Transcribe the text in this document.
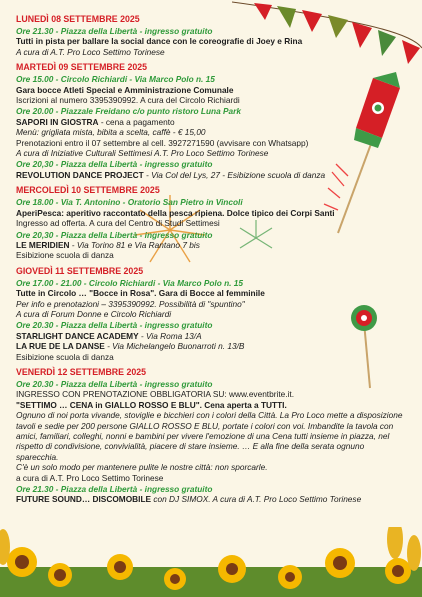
LUNEDÌ 08 SETTEMBRE 2025
Ore 21.30 - Piazza della Libertà - ingresso gratuito
Tutti in pista per ballare la social dance con le coreografie di Joey e Rina
A cura di A.T. Pro Loco Settimo Torinese
MARTEDÌ 09 SETTEMBRE 2025
Ore 15.00 - Circolo Richiardi - Via Marco Polo n. 15
Gara bocce Atleti Special e Amministrazione Comunale
Iscrizioni al numero 3395390992. A cura del Circolo Richiardi
Ore 20.00 - Piazzale Freidano c/o punto ristoro Luna Park
SAPORI IN GIOSTRA - cena a pagamento
Menù: grigliata mista, bibita a scelta, caffè - € 15,00
Prenotazioni entro il 07 settembre al cell. 3927271590 (avvisare con Whatsapp)
A cura di Iniziative Culturali Settimesi A.T. Pro Loco Settimo Torinese
Ore 20,30 - Piazza della Libertà - ingresso gratuito
REVOLUTION DANCE PROJECT - Via Col del Lys, 27 - Esibizione scuola di danza
MERCOLEDÌ 10 SETTEMBRE 2025
Ore 18.00 - Via T. Antonino - Oratorio San Pietro in Vincoli
AperiPesca: aperitivo raccontato della pesca ripiena. Dolce tipico dei Corpi Santi
Ingresso ad offerta. A cura del Centro di Studi Settimesi
Ore 20,30 - Piazza della Libertà - ingresso gratuito
LE MERIDIEN - Via Torino 81 e Via Rantano 7 bis
Esibizione scuola di danza
GIOVEDÌ 11 SETTEMBRE 2025
Ore 17.00 - 21.00 - Circolo Richiardi - Via Marco Polo n. 15
Tutte in Circolo … "Bocce in Rosa". Gara di Bocce al femminile
Per info e prenotazioni – 3395390992. Possibilità di "spuntino"
A cura di Forum Donne e Circolo Richiardi
Ore 20.30 - Piazza della Libertà - ingresso gratuito
STARLIGHT DANCE ACADEMY - Via Roma 13/A
LA RUE DE LA DANSE - Via Michelangelo Buonarroti n. 13/B
Esibizione scuola di danza
VENERDÌ 12 SETTEMBRE 2025
Ore 20.30 - Piazza della Libertà - ingresso gratuito
INGRESSO CON PRENOTAZIONE OBBLIGATORIA SU: www.eventbrite.it.
"SETTIMO … CENA in GIALLO ROSSO E BLU". Cena aperta a TUTTI.
Ognuno di noi porta vivande, stoviglie e bicchieri con i colori della Città. La Pro Loco mette a disposizione tavoli e sedie per 200 persone GIALLO ROSSO E BLU, portate i colori con voi. Imbandite la tavola con amici, familiari, colleghi, nonni e bambini per vivere l'emozione di una Cena tutti insieme in piazza, nel rispetto di condivisione, convivialità, piacere di stare insieme. … E alla fine della serata ognuno sparecchia.
C'è un solo modo per mantenere pulite le nostre città: non sporcarle.
a cura di A.T. Pro Loco Settimo Torinese
Ore 21.30 - Piazza della Libertà - ingresso gratuito
FUTURE SOUND… DISCOMOBILE con DJ SIMOX. A cura di A.T. Pro Loco Settimo Torinese
